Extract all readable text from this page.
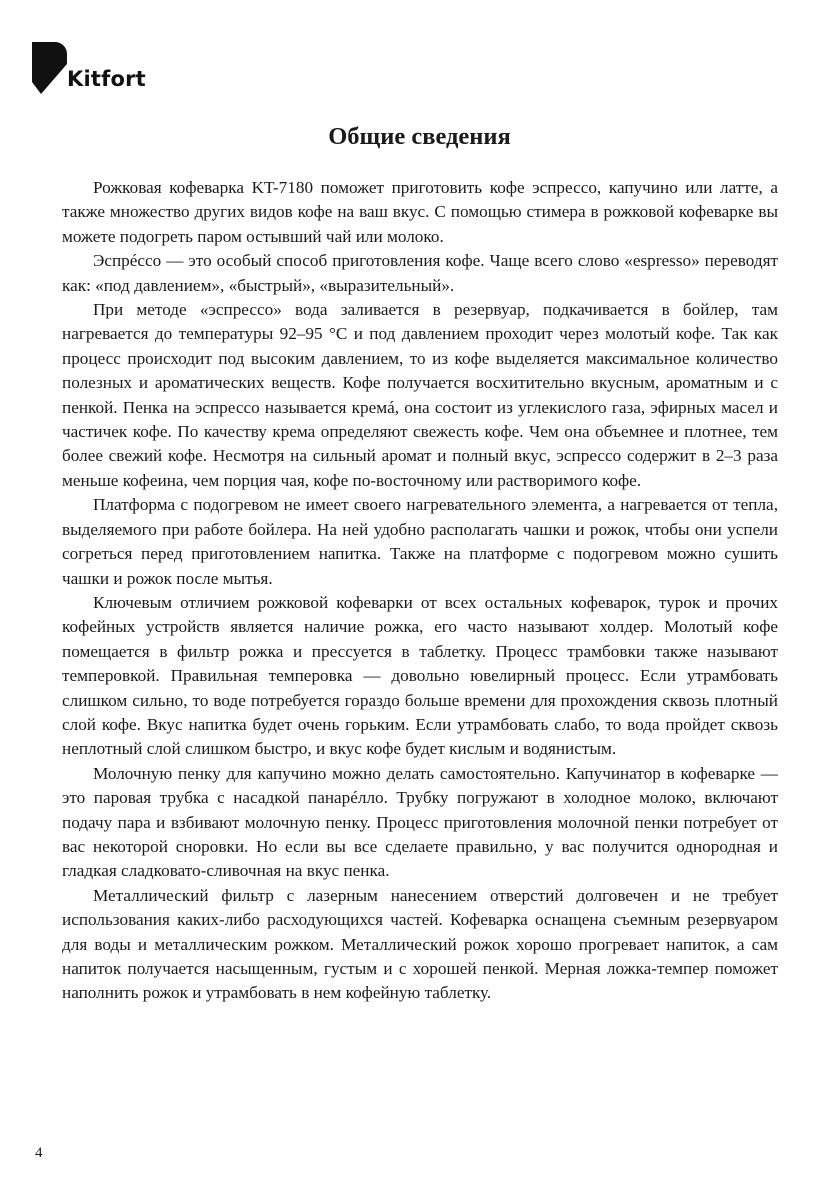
Kitfort
Общие сведения

Рожковая кофеварка KT-7180 поможет приготовить кофе эспрессо, капучино или латте, а также множество других видов кофе на ваш вкус. С помощью стимера в рожковой кофеварке вы можете подогреть паром остывший чай или молоко.

Эспрéссо — это особый способ приготовления кофе. Чаще всего слово «espresso» переводят как: «под давлением», «быстрый», «выразительный».

При методе «эспрессо» вода заливается в резервуар, подкачивается в бойлер, там нагревается до температуры 92–95 °С и под давлением проходит через молотый кофе. Так как процесс происходит под высоким давлением, то из кофе выделяется максимальное количество полезных и ароматических веществ. Кофе получается восхитительно вкусным, ароматным и с пенкой. Пенка на эспрессо называется кремá, она состоит из углекислого газа, эфирных масел и частичек кофе. По качеству крема определяют свежесть кофе. Чем она объемнее и плотнее, тем более свежий кофе. Несмотря на сильный аромат и полный вкус, эспрессо содержит в 2–3 раза меньше кофеина, чем порция чая, кофе по-восточному или растворимого кофе.

Платформа с подогревом не имеет своего нагревательного элемента, а нагревается от тепла, выделяемого при работе бойлера. На ней удобно располагать чашки и рожок, чтобы они успели согреться перед приготовлением напитка. Также на платформе с подогревом можно сушить чашки и рожок после мытья.

Ключевым отличием рожковой кофеварки от всех остальных кофеварок, турок и прочих кофейных устройств является наличие рожка, его часто называют холдер. Молотый кофе помещается в фильтр рожка и прессуется в таблетку. Процесс трамбовки также называют темперовкой. Правильная темперовка — довольно ювелирный процесс. Если утрамбовать слишком сильно, то воде потребуется гораздо больше времени для прохождения сквозь плотный слой кофе. Вкус напитка будет очень горьким. Если утрамбовать слабо, то вода пройдет сквозь неплотный слой слишком быстро, и вкус кофе будет кислым и водянистым.

Молочную пенку для капучино можно делать самостоятельно. Капучинатор в кофеварке — это паровая трубка с насадкой панарéлло. Трубку погружают в холодное молоко, включают подачу пара и взбивают молочную пенку. Процесс приготовления молочной пенки потребует от вас некоторой сноровки. Но если вы все сделаете правильно, у вас получится однородная и гладкая сладковато-сливочная на вкус пенка.

Металлический фильтр с лазерным нанесением отверстий долговечен и не требует использования каких-либо расходующихся частей. Кофеварка оснащена съемным резервуаром для воды и металлическим рожком. Металлический рожок хорошо прогревает напиток, а сам напиток получается насыщенным, густым и с хорошей пенкой. Мерная ложка-темпер поможет наполнить рожок и утрамбовать в нем кофейную таблетку.

4
